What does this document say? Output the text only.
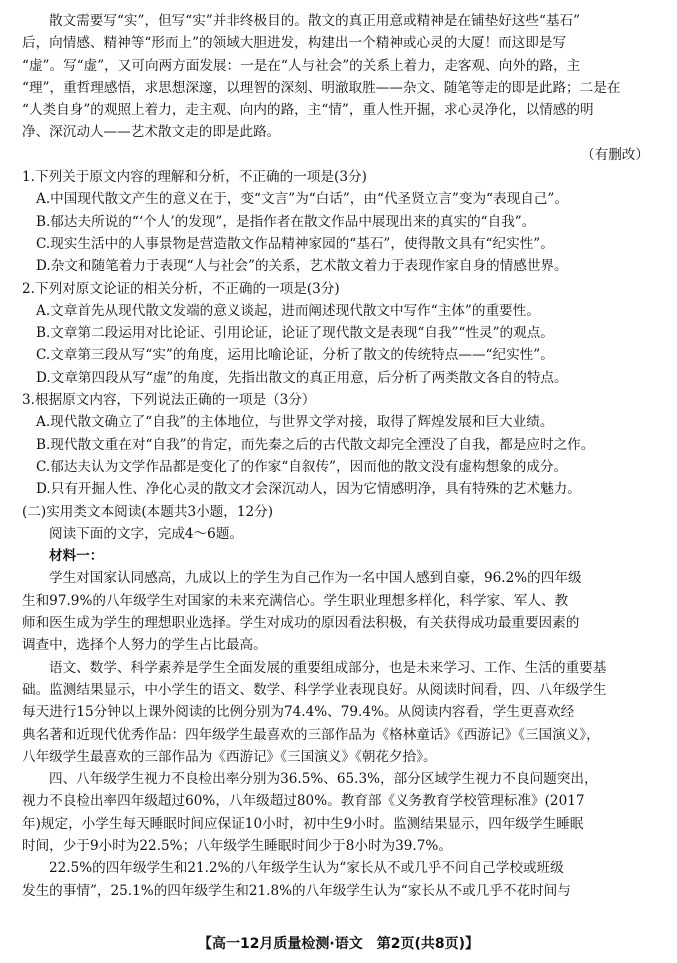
散文需要写“实”，但写“实”并非终极目的。散文的真正用意或精神是在铺垫好这些“基石”
后，向情感、精神等“形而上”的领域大胆进发，构建出一个精神或心灵的大厦！而这即是写
“虚”。写“虚”，又可向两方面发展：一是在“人与社会”的关系上着力，走客观、向外的路，主
“理”，重哲理感悟，求思想深邃，以理智的深刻、明澈取胜——杂文、随笔等走的即是此路；二是在
“人类自身”的观照上着力，走主观、向内的路，主“情”，重人性开掘，求心灵净化，以情感的明
净、深沉动人——艺术散文走的即是此路。
（有删改）
1.下列关于原文内容的理解和分析，不正确的一项是(3分)
A.中国现代散文产生的意义在于，变“文言”为“白话”，由“代圣贤立言”变为“表现自己”。
B.郁达夫所说的“‘个人’的发现”，是指作者在散文作品中展现出来的真实的“自我”。
C.现实生活中的人事景物是营造散文作品精神家园的“基石”，使得散文具有“纪实性”。
D.杂文和随笔着力于表现“人与社会”的关系，艺术散文着力于表现作家自身的情感世界。
2.下列对原文论证的相关分析，不正确的一项是(3分)
A.文章首先从现代散文发端的意义谈起，进而阐述现代散文中写作“主体”的重要性。
B.文章第二段运用对比论证、引用论证，论证了现代散文是表现“自我”“性灵”的观点。
C.文章第三段从写“实”的角度，运用比喻论证，分析了散文的传统特点——“纪实性”。
D.文章第四段从写“虚”的角度，先指出散文的真正用意，后分析了两类散文各自的特点。
3.根据原文内容，下列说法正确的一项是（3分）
A.现代散文确立了“自我”的主体地位，与世界文学对接，取得了辉煌发展和巨大业绩。
B.现代散文重在对“自我”的肯定，而先秦之后的古代散文却完全湮没了自我，都是应时之作。
C.郁达夫认为文学作品都是变化了的作家“自叙传”，因而他的散文没有虚构想象的成分。
D.只有开掘人性、净化心灵的散文才会深沉动人，因为它情感明净，具有特殊的艺术魅力。
(二)实用类文本阅读(本题共3小题，12分)
阅读下面的文字，完成4～6题。
材料一：
学生对国家认同感高，九成以上的学生为自己作为一名中国人感到自豪，96.2%的四年级
生和97.9%的八年级学生对国家的未来充满信心。学生职业理想多样化，科学家、军人、教
师和医生成为学生的理想职业选择。学生对成功的原因看法积极，有关获得成功最重要因素的
调查中，选择个人努力的学生占比最高。
语文、数学、科学素养是学生全面发展的重要组成部分，也是未来学习、工作、生活的重要基
础。监测结果显示，中小学生的语文、数学、科学学业表现良好。从阅读时间看，四、八年级学生
每天进行15分钟以上课外阅读的比例分别为74.4%、79.4%。从阅读内容看，学生更喜欢经
典名著和近现代优秀作品：四年级学生最喜欢的三部作品为《格林童话》《西游记》《三国演义》，
八年级学生最喜欢的三部作品为《西游记》《三国演义》《朝花夕拾》。
四、八年级学生视力不良检出率分别为36.5%、65.3%，部分区域学生视力不良问题突出，
视力不良检出率四年级超过60%，八年级超过80%。教育部《义务教育学校管理标准》(2017
年)规定，小学生每天睡眠时间应保证10小时，初中生9小时。监测结果显示，四年级学生睡眠
时间，少于9小时为22.5%；八年级学生睡眠时间少于8小时为39.7%。
22.5%的四年级学生和21.2%的八年级学生认为“家长从不或几乎不问自己学校或班级
发生的事情”，25.1%的四年级学生和21.8%的八年级学生认为“家长从不或几乎不花时间与
【高一12月质量检测·语文　第2页(共8页)】
